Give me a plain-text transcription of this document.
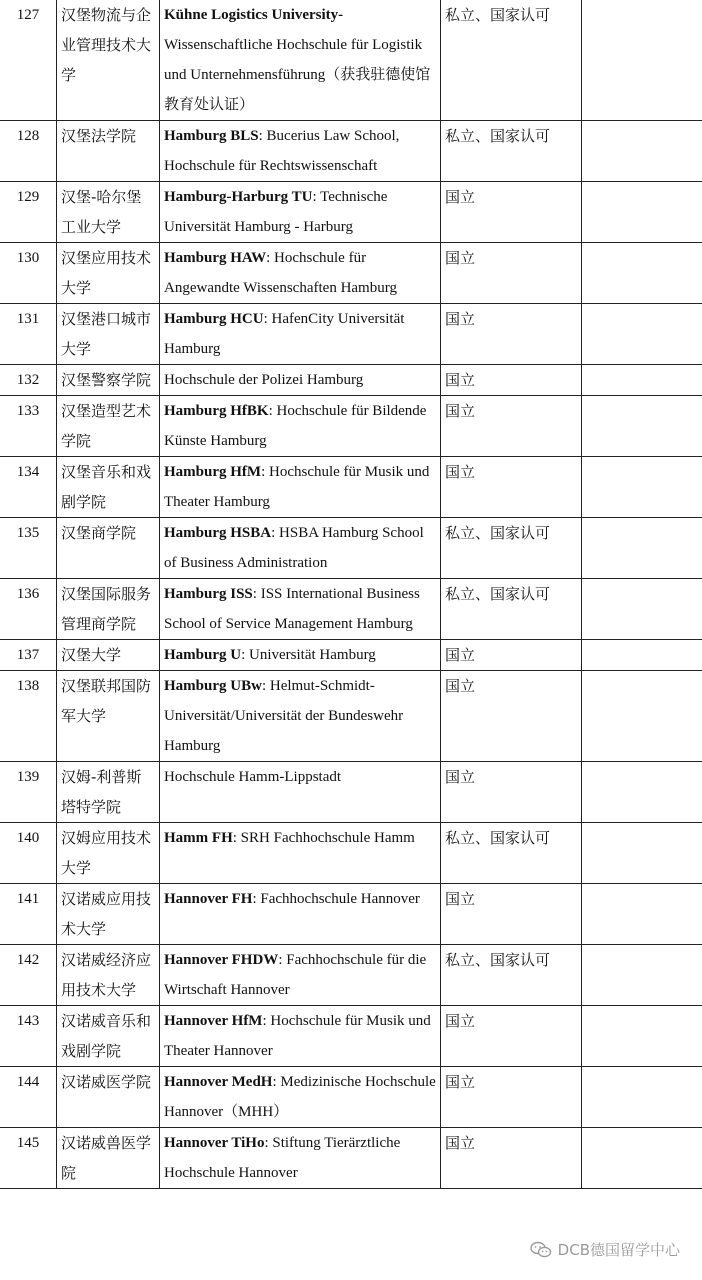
127	汉堡物流与企业管理技术大学	Kühne Logistics University- Wissenschaftliche Hochschule für Logistik und Unternehmensführung（获我驻德使馆教育处认证）	私立、国家认可	
128	汉堡法学院	Hamburg BLS: Bucerius Law School, Hochschule für Rechtswissenschaft	私立、国家认可	
129	汉堡-哈尔堡工业大学	Hamburg-Harburg TU: Technische Universität Hamburg - Harburg	国立	
130	汉堡应用技术大学	Hamburg HAW: Hochschule für Angewandte Wissenschaften Hamburg	国立	
131	汉堡港口城市大学	Hamburg HCU: HafenCity Universität Hamburg	国立	
132	汉堡警察学院	Hochschule der Polizei Hamburg	国立	
133	汉堡造型艺术学院	Hamburg HfBK: Hochschule für Bildende Künste Hamburg	国立	
134	汉堡音乐和戏剧学院	Hamburg HfM: Hochschule für Musik und Theater Hamburg	国立	
135	汉堡商学院	Hamburg HSBA: HSBA Hamburg School of Business Administration	私立、国家认可	
136	汉堡国际服务管理商学院	Hamburg ISS: ISS International Business School of Service Management Hamburg	私立、国家认可	
137	汉堡大学	Hamburg U: Universität Hamburg	国立	
138	汉堡联邦国防军大学	Hamburg UBw: Helmut-Schmidt-Universität/Universität der Bundeswehr Hamburg	国立	
139	汉姆-利普斯塔特学院	Hochschule Hamm-Lippstadt	国立	
140	汉姆应用技术大学	Hamm FH: SRH Fachhochschule Hamm	私立、国家认可	
141	汉诺威应用技术大学	Hannover FH: Fachhochschule Hannover	国立	
142	汉诺威经济应用技术大学	Hannover FHDW: Fachhochschule für die Wirtschaft Hannover	私立、国家认可	
143	汉诺威音乐和戏剧学院	Hannover HfM: Hochschule für Musik und Theater Hannover	国立	
144	汉诺威医学院	Hannover MedH: Medizinische Hochschule Hannover（MHH）	国立	
145	汉诺威兽医学院	Hannover TiHo: Stiftung Tierärztliche Hochschule Hannover	国立	
DCB德国留学中心
